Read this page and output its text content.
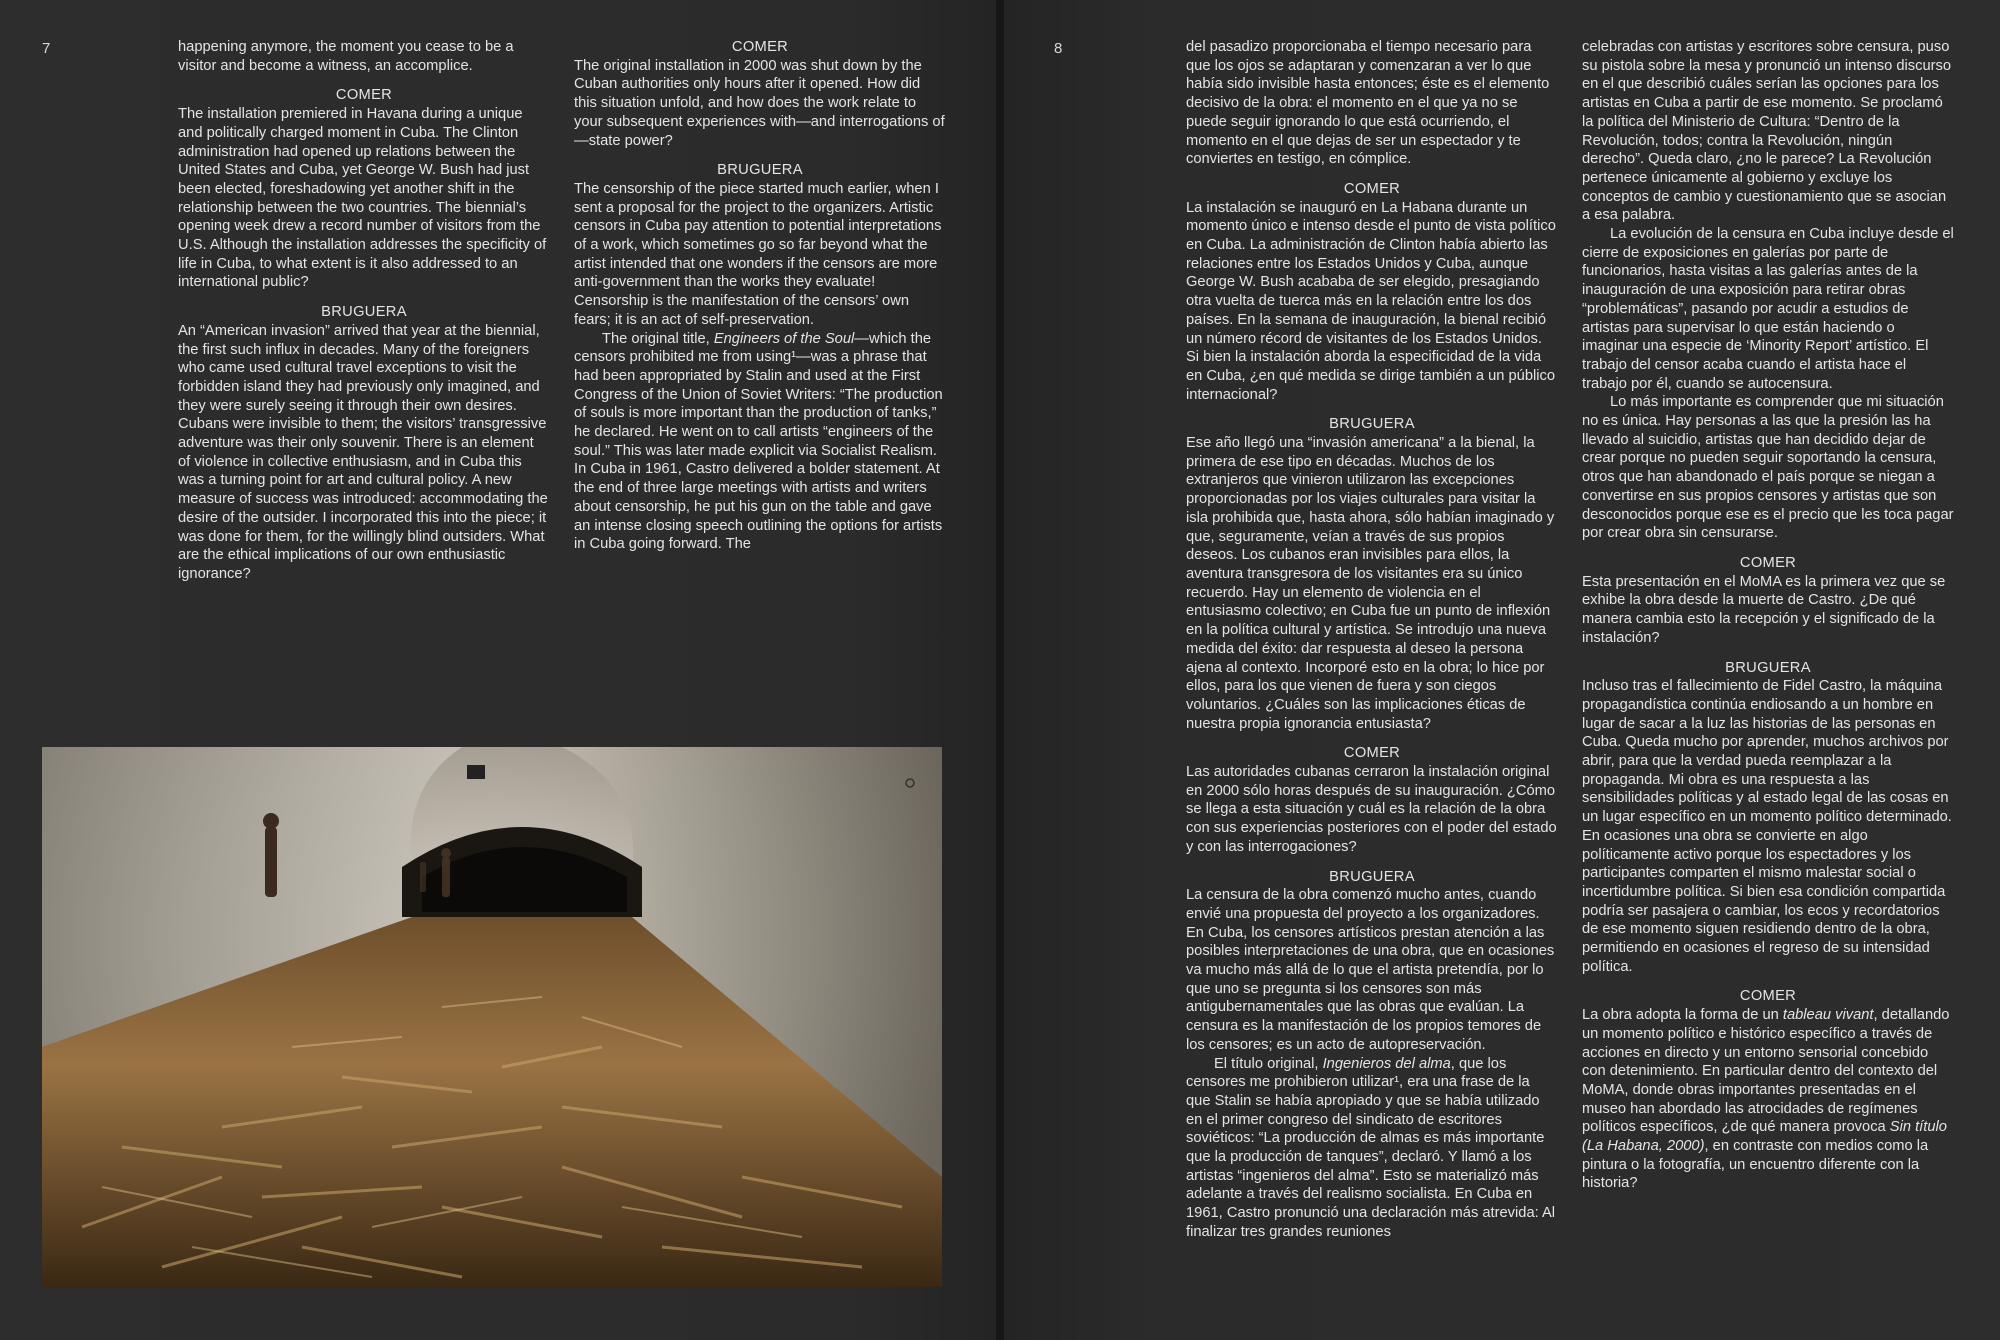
7	happening anymore, the moment you cease to be a visitor and become a witness, an accomplice.

COMER

The installation premiered in Havana during a unique and politically charged moment in Cuba. The Clinton administration had opened up relations between the United States and Cuba, yet George W. Bush had just been elected, foreshadowing yet another shift in the relationship between the two countries. The biennial’s opening week drew a record number of visitors from the U.S. Although the installation addresses the specificity of life in Cuba, to what extent is it also addressed to an international public?

BRUGUERA

An “American invasion” arrived that year at the biennial, the first such influx in decades. Many of the foreigners who came used cultural travel exceptions to visit the forbidden island they had previously only imagined, and they were surely seeing it through their own desires. Cubans were invisible to them; the visitors’ transgressive adventure was their only souvenir. There is an element of violence in collective enthusiasm, and in Cuba this was a turning point for art and cultural policy. A new measure of success was introduced: accommodating the desire of the outsider. I incorporated this into the piece; it was done for them, for the willingly blind outsiders. What are the ethical implications of our own enthusiastic ignorance?

COMER

The original installation in 2000 was shut down by the Cuban authorities only hours after it opened. How did this situation unfold, and how does the work relate to your subsequent experiences with—and interrogations of—state power?

BRUGUERA

The censorship of the piece started much earlier, when I sent a proposal for the project to the organizers. Artistic censors in Cuba pay attention to potential interpretations of a work, which sometimes go so far beyond what the artist intended that one wonders if the censors are more anti-government than the works they evaluate! Censorship is the manifestation of the censors’ own fears; it is an act of self-preservation.

The original title, Engineers of the Soul—which the censors prohibited me from using¹—was a phrase that had been appropriated by Stalin and used at the First Congress of the Union of Soviet Writers: “The production of souls is more important than the production of tanks,” he declared. He went on to call artists “engineers of the soul.” This was later made explicit via Socialist Realism. In Cuba in 1961, Castro delivered a bolder statement. At the end of three large meetings with artists and writers about censorship, he put his gun on the table and gave an intense closing speech outlining the options for artists in Cuba going forward. The

8	del pasadizo proporcionaba el tiempo necesario para que los ojos se adaptaran y comenzaran a ver lo que había sido invisible hasta entonces; éste es el elemento decisivo de la obra: el momento en el que ya no se puede seguir ignorando lo que está ocurriendo, el momento en el que dejas de ser un espectador y te conviertes en testigo, en cómplice.

COMER

La instalación se inauguró en La Habana durante un momento único e intenso desde el punto de vista político en Cuba. La administración de Clinton había abierto las relaciones entre los Estados Unidos y Cuba, aunque George W. Bush acababa de ser elegido, presagiando otra vuelta de tuerca más en la relación entre los dos países. En la semana de inauguración, la bienal recibió un número récord de visitantes de los Estados Unidos. Si bien la instalación aborda la especificidad de la vida en Cuba, ¿en qué medida se dirige también a un público internacional?

BRUGUERA

Ese año llegó una “invasión americana” a la bienal, la primera de ese tipo en décadas. Muchos de los extranjeros que vinieron utilizaron las excepciones proporcionadas por los viajes culturales para visitar la isla prohibida que, hasta ahora, sólo habían imaginado y que, seguramente, veían a través de sus propios deseos. Los cubanos eran invisibles para ellos, la aventura transgresora de los visitantes era su único recuerdo. Hay un elemento de violencia en el entusiasmo colectivo; en Cuba fue un punto de inflexión en la política cultural y artística. Se introdujo una nueva medida del éxito: dar respuesta al deseo la persona ajena al contexto. Incorporé esto en la obra; lo hice por ellos, para los que vienen de fuera y son ciegos voluntarios. ¿Cuáles son las implicaciones éticas de nuestra propia ignorancia entusiasta?

COMER

Las autoridades cubanas cerraron la instalación original en 2000 sólo horas después de su inauguración. ¿Cómo se llega a esta situación y cuál es la relación de la obra con sus experiencias posteriores con el poder del estado y con las interrogaciones?

BRUGUERA

La censura de la obra comenzó mucho antes, cuando envié una propuesta del proyecto a los organizadores. En Cuba, los censores artísticos prestan atención a las posibles interpretaciones de una obra, que en ocasiones va mucho más allá de lo que el artista pretendía, por lo que uno se pregunta si los censores son más antigubernamentales que las obras que evalúan. La censura es la manifestación de los propios temores de los censores; es un acto de autopreservación.

El título original, Ingenieros del alma, que los censores me prohibieron utilizar¹, era una frase de la que Stalin se había apropiado y que se había utilizado en el primer congreso del sindicato de escritores soviéticos: “La producción de almas es más importante que la producción de tanques”, declaró. Y llamó a los artistas “ingenieros del alma”. Esto se materializó más adelante a través del realismo socialista. En Cuba en 1961, Castro pronunció una declaración más atrevida: Al finalizar tres grandes reuniones

celebradas con artistas y escritores sobre censura, puso su pistola sobre la mesa y pronunció un intenso discurso en el que describió cuáles serían las opciones para los artistas en Cuba a partir de ese momento. Se proclamó la política del Ministerio de Cultura: “Dentro de la Revolución, todos; contra la Revolución, ningún derecho”. Queda claro, ¿no le parece? La Revolución pertenece únicamente al gobierno y excluye los conceptos de cambio y cuestionamiento que se asocian a esa palabra.

La evolución de la censura en Cuba incluye desde el cierre de exposiciones en galerías por parte de funcionarios, hasta visitas a las galerías antes de la inauguración de una exposición para retirar obras “problemáticas”, pasando por acudir a estudios de artistas para supervisar lo que están haciendo o imaginar una especie de ‘Minority Report’ artístico. El trabajo del censor acaba cuando el artista hace el trabajo por él, cuando se autocensura.

Lo más importante es comprender que mi situación no es única. Hay personas a las que la presión las ha llevado al suicidio, artistas que han decidido dejar de crear porque no pueden seguir soportando la censura, otros que han abandonado el país porque se niegan a convertirse en sus propios censores y artistas que son desconocidos porque ese es el precio que les toca pagar por crear obra sin censurarse.

COMER

Esta presentación en el MoMA es la primera vez que se exhibe la obra desde la muerte de Castro. ¿De qué manera cambia esto la recepción y el significado de la instalación?

BRUGUERA

Incluso tras el fallecimiento de Fidel Castro, la máquina propagandística continúa endiosando a un hombre en lugar de sacar a la luz las historias de las personas en Cuba. Queda mucho por aprender, muchos archivos por abrir, para que la verdad pueda reemplazar a la propaganda. Mi obra es una respuesta a las sensibilidades políticas y al estado legal de las cosas en un lugar específico en un momento político determinado. En ocasiones una obra se convierte en algo políticamente activo porque los espectadores y los participantes comparten el mismo malestar social o incertidumbre política. Si bien esa condición compartida podría ser pasajera o cambiar, los ecos y recordatorios de ese momento siguen residiendo dentro de la obra, permitiendo en ocasiones el regreso de su intensidad política.

COMER

La obra adopta la forma de un tableau vivant, detallando un momento político e histórico específico a través de acciones en directo y un entorno sensorial concebido con detenimiento. En particular dentro del contexto del MoMA, donde obras importantes presentadas en el museo han abordado las atrocidades de regímenes políticos específicos, ¿de qué manera provoca Sin título (La Habana, 2000), en contraste con medios como la pintura o la fotografía, un encuentro diferente con la historia?
